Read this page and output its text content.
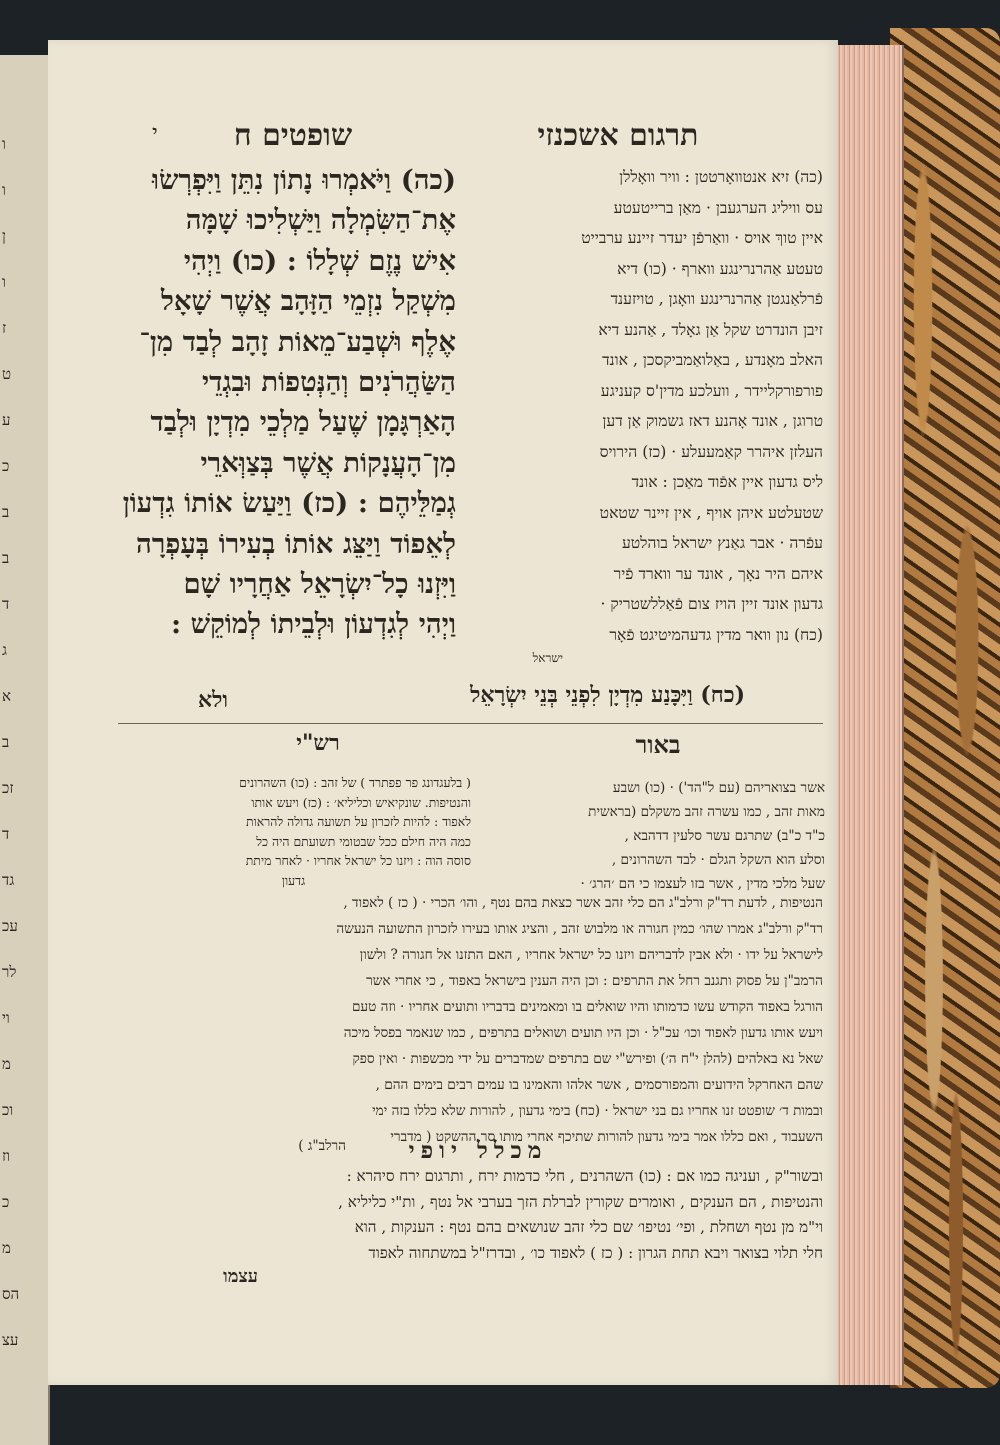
ו
ו
ן
ו
ז
ט
ע
כ
ב
ב
ד
ג
א
ב
זכ
ד
גד
עכ
לר
וי
מ
וכ
וז
כ
מ
הס
עצ
תרגום אשכנזי
שופטים ח
י
(כה) זיא אנטוואָרטטן : וויר וואָללן
עס וויליג הערגעבן · מאַן ברייטעטע
איין טוךְ אויס · וואַרפֿן יעדר זיינע ערבייט
טעטע אַהרנרינגע ווארף · (כו) דיא
פֿרלאַנגטן אַהרנרינגע וואָגן , טויזענד
זיבן הונדרט שקל אַן גאָלד , אַהנע דיא
האלב מאָנדע , באַלואַמביקסכן , אונד
פורפורקליידר , וועלכע מדין'ס קעניגע
טרוגן , אונד אָהנע דאז גשמוק אַן דען
העלזן איהרר קאַמעעלע · (כז) הירויס
ליס גדעון איין אפֿוד מאַכן : אונד
שטעלטע איהן אויף , אין זיינר שטאט
עפֿרה · אבר גאַנץ ישראל בוהלטע
איהם היר נאָך , אונד ער ווארד פֿיר
גדעון אונד זיין הויז צום פֿאַללשטריק ·
(כח) נון וואר מדין גדעהמיטיגט פֿאָר
ישראל
(כה) וַיֹּאמְרוּ נָתוֹן נִתֵּן וַיִּפְרְשׂוּ
אֶת־הַשִּׂמְלָה וַיַּשְׁלִיכוּ שָׁמָּה
אִישׁ נֶזֶם שְׁלָלוֹ : (כו) וַיְהִי
מִשְׁקַל נִזְמֵי הַזָּהָב אֲשֶׁר שָׁאָל
אֶלֶף וּשְׁבַע־מֵאוֹת זָהָב לְבַד מִן־
הַשַּׂהֲרֹנִים וְהַנְּטִפוֹת וּבִגְדֵי
הָאַרְגָּמָן שֶׁעַל מַלְכֵי מִדְיָן וּלְבַד
מִן־הָעֲנָקוֹת אֲשֶׁר בְּצַוְּארֵי
גְמַלֵּיהֶם : (כז) וַיַּעַשׂ אוֹתוֹ גִדְעוֹן
לְאֵפוֹד וַיַּצֵּג אוֹתוֹ בְעִירוֹ בְּעָפְרָה
וַיִּזְנוּ כָל־יִשְׂרָאֵל אַחֲרָיו שָׁם
וַיְהִי לְגִדְעוֹן וּלְבֵיתוֹ לְמוֹקֵשׁ :
(כח) וַיִּכָּנַע מִדְיָן לִפְנֵי בְּנֵי יִשְׂרָאֵל
ולא
רש"י	באור
( בלעגדונג פר פפתרד ) של זהב : (כו) השהרונים
והנטיפות. שונקיאיש וכליליא׳ : (כז) ויעש אותו
לאפוד : להיות לזכרון על תשועה גדולה להראות
כמה היה חילם ככל שבטומי תשועתם היה כל
סוסה הוה : ויזנו כל ישראל אחריו · לאחר מיתת
גדעון
אשר בצואריהם (עם ל"הד') · (כו) ושבע
מאות זהב , כמו עשרה זהב משקלם (בראשית
כ"ד כ"ב) שתרגם עשר סלעין דדהבא ,
וסלע הוא השקל הגלם · לבד השהרונים ,
שעל מלכי מדין , אשר בזו לעצמו כי הם ׳הרג׳ ·
הנטיפות , לדעת רד"ק ורלב"ג הם כלי זהב אשר כצאת בהם נטף , והו׳ הכרי · ( כז ) לאפוד ,
רד"ק ורלב"ג אמרו שהו׳ כמין חגורה או מלבוש זהב , והציג אותו בעירו לזכרון התשועה הנעשה
לישראל על ידו · ולא אבין לדבריהם ויזנו כל ישראל אחריו , האם התזנו אל חגורה ? ולשון
הרמב"ן על פסוק ותגנב רחל את התרפים : וכן היה הענין בישראל באפוד , כי אחרי אשר
הורגל באפוד הקודש עשו כדמותו והיו שואלים בו ומאמינים בדבריו ותועים אחריו · וזה טעם
ויעש אותו גדעון לאפוד וכו׳ עכ"ל · וכן היו תועים ושואלים בתרפים , כמו שנאמר בפסל מיכה
שאל נא באלהים (להלן י"ח ה׳) ופירש"י שם בתרפים שמדברים על ידי מכשפות · ואין ספק
שהם האחרקל הידועים והמפורסמים , אשר אלהו והאמינו בו עמים רבים בימים ההם ,
ובמות ד׳ שופטט זנו אחריו גם בני ישראל · (כח) בימי גדעון , להורות שלא כללו בזה ימי
השעבוד , ואם כללו אמר בימי גדעון להורות שתיכף אחרי מותו סר ההשקט ( מדברי
הרלב"ג )	מכלל יופי
ובשור"ק , ועניגה כמו אם : (כו) השהרנים , חלי כדמות ירח , ותרגום ירח סיהרא :
והנטיפות , הם הענקים , ואומרים שקורין לברלת הזך בערבי אל נטף , ות"י כליליא ,
וי"מ מן נטף ושחלת , ופי׳ נטיפו׳ שם כלי זהב שנושאים בהם נטף : הענקות , הוא
חלי תלוי בצואר ויבא תחת הגרון : ( כז ) לאפוד כו׳ , ובדרז"ל במשתחוה לאפוד
עצמו
